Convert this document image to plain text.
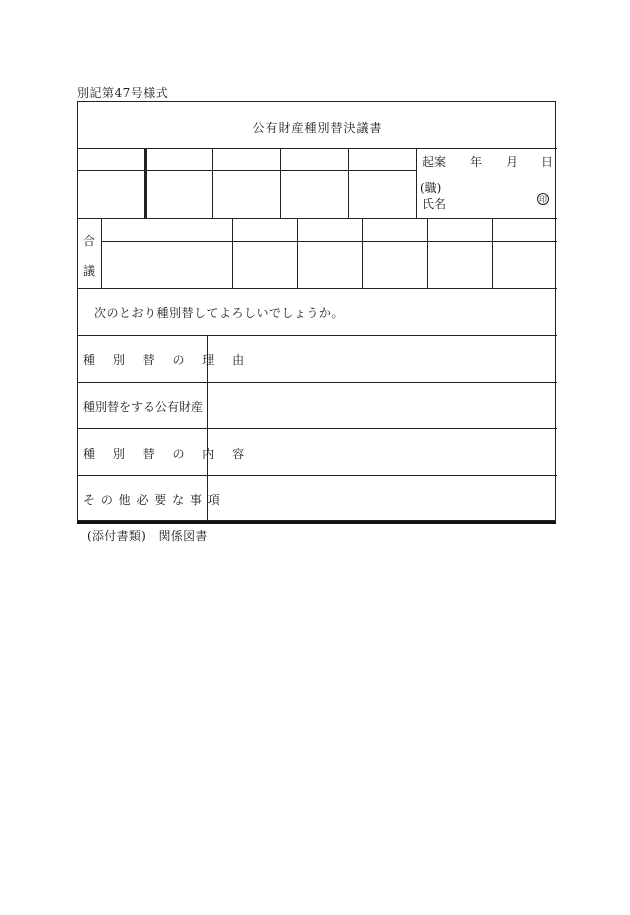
別記第47号様式
公有財産種別替決議書
起案 年 月 日
(職)
氏名	印
合
議
次のとおり種別替してよろしいでしょうか。
種 別 替 の 理 由
種別替をする公有財産
種 別 替 の 内 容
そ の 他 必 要 な 事 項
(添付書類)　関係図書
